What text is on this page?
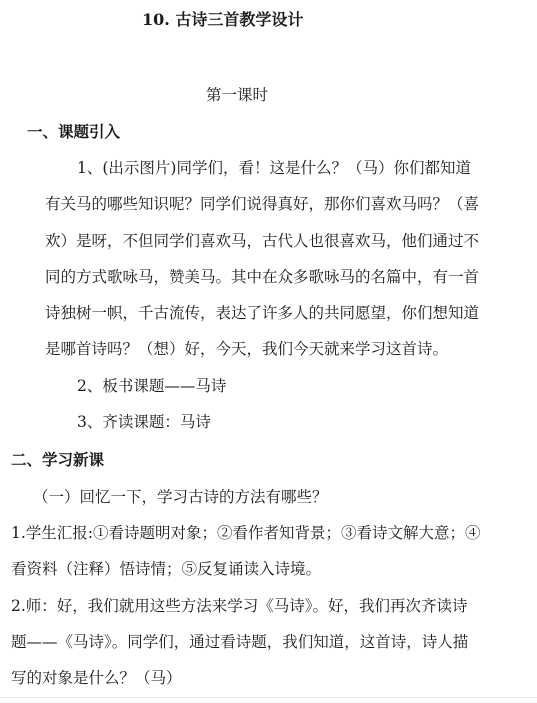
10. 古诗三首教学设计
第一课时
一、课题引入
1、(出示图片)同学们，看！这是什么？（马）你们都知道
有关马的哪些知识呢？同学们说得真好，那你们喜欢马吗？（喜
欢）是呀，不但同学们喜欢马，古代人也很喜欢马，他们通过不
同的方式歌咏马，赞美马。其中在众多歌咏马的名篇中，有一首
诗独树一帜，千古流传，表达了许多人的共同愿望，你们想知道
是哪首诗吗？（想）好，今天，我们今天就来学习这首诗。
2、板书课题——马诗
3、齐读课题：马诗
二、学习新课
（一）回忆一下，学习古诗的方法有哪些？
1.学生汇报:①看诗题明对象；②看作者知背景；③看诗文解大意；④
看资料（注释）悟诗情；⑤反复诵读入诗境。
2.师：好，我们就用这些方法来学习《马诗》。好，我们再次齐读诗
题——《马诗》。同学们，通过看诗题，我们知道，这首诗，诗人描
写的对象是什么？（马）
